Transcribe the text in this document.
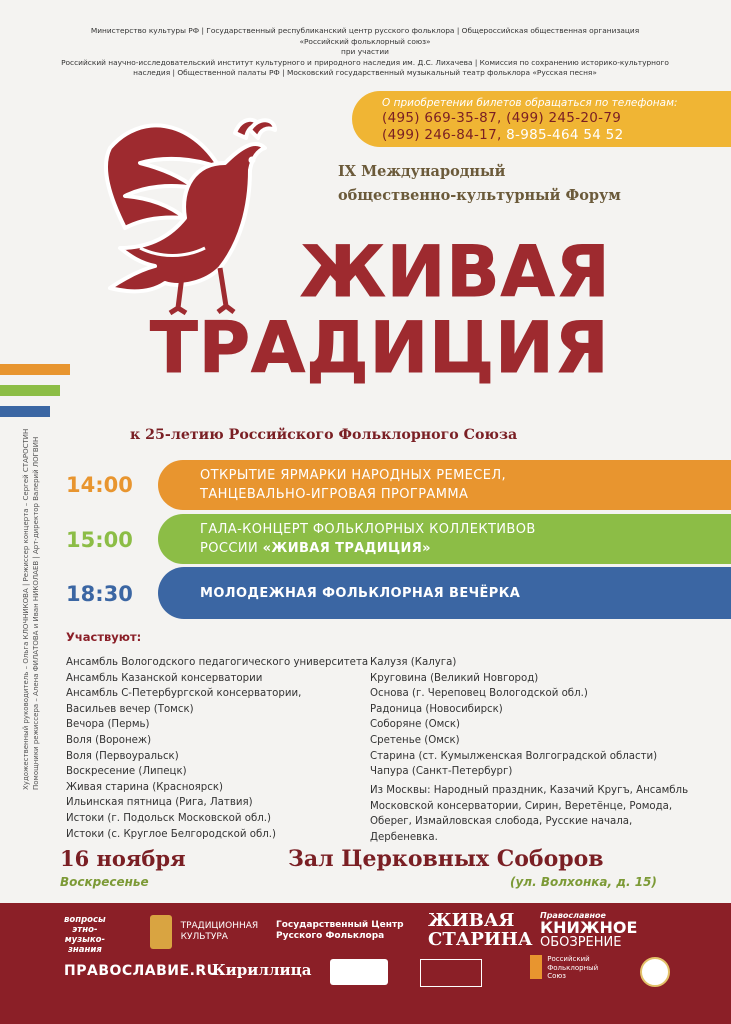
Министерство культуры РФ | Государственный республиканский центр русского фольклора | Общероссийская общественная организация
«Российский фольклорный союз»
при участии
Российский научно-исследовательский институт культурного и природного наследия им. Д.С. Лихачева | Комиссия по сохранению историко-культурного
наследия | Общественной палаты РФ | Московский государственный музыкальный театр фольклора «Русская песня»
О приобретении билетов обращаться по телефонам:
(495) 669-35-87, (499) 245-20-79
(499) 246-84-17, 8-985-464 54 52
IX Международный
общественно-культурный Форум
ЖИВАЯ
ТРАДИЦИЯ
к 25-летию Российского Фольклорного Союза
14:00	ОТКРЫТИЕ ЯРМАРКИ НАРОДНЫХ РЕМЕСЕЛ,
ТАНЦЕВАЛЬНО-ИГРОВАЯ ПРОГРАММА
15:00	ГАЛА-КОНЦЕРТ ФОЛЬКЛОРНЫХ КОЛЛЕКТИВОВ
РОССИИ «ЖИВАЯ ТРАДИЦИЯ»
18:30	МОЛОДЕЖНАЯ ФОЛЬКЛОРНАЯ ВЕЧЁРКА
Художественный руководитель – Ольга КЛОЧНИКОВА | Режиссер концерта – Сергей СТАРОСТИН Помощники режиссера – Алена ФИЛАТОВА и Иван НИКОЛАЕВ | Арт-директор Валерий ЛОГВИН Участвуют:
Ансамбль Вологодского педагогического университета
Ансамбль Казанской консерватории
Ансамбль С-Петербургской консерватории,
Васильев вечер (Томск)
Вечора (Пермь)
Воля (Воронеж)
Воля (Первоуральск)
Воскресение (Липецк)
Живая старина (Красноярск)
Ильинская пятница (Рига, Латвия)
Истоки (г. Подольск Московской обл.)
Истоки (с. Круглое Белгородской обл.)
Калузя (Калуга)
Круговина (Великий Новгород)
Основа (г. Череповец Вологодской обл.)
Радоница (Новосибирск)
Соборяне (Омск)
Сретенье (Омск)
Старина (ст. Кумылженская Волгоградской области)
Чапура (Санкт-Петербург)
Из Москвы: Народный праздник, Казачий Кругъ, Ансамбль
Московской консерватории, Сирин, Веретёнце, Ромода,
Оберег, Измайловская слобода, Русские начала,
Дербеневка.
16 ноября
Воскресенье
Зал Церковных Соборов
(ул. Волхонка, д. 15)
вопросы
этно-
музыко-
знания

ТРАДИЦИОННАЯ
КУЛЬТУРА
Государственный Центр
Русского Фольклора
ЖИВАЯ
СТАРИНА
Православное
КНИЖНОЕ
ОБОЗРЕНИЕ
ПРАВОСЛАВИЕ.RU
Кириллица

Российский
Фольклорный
Союз
